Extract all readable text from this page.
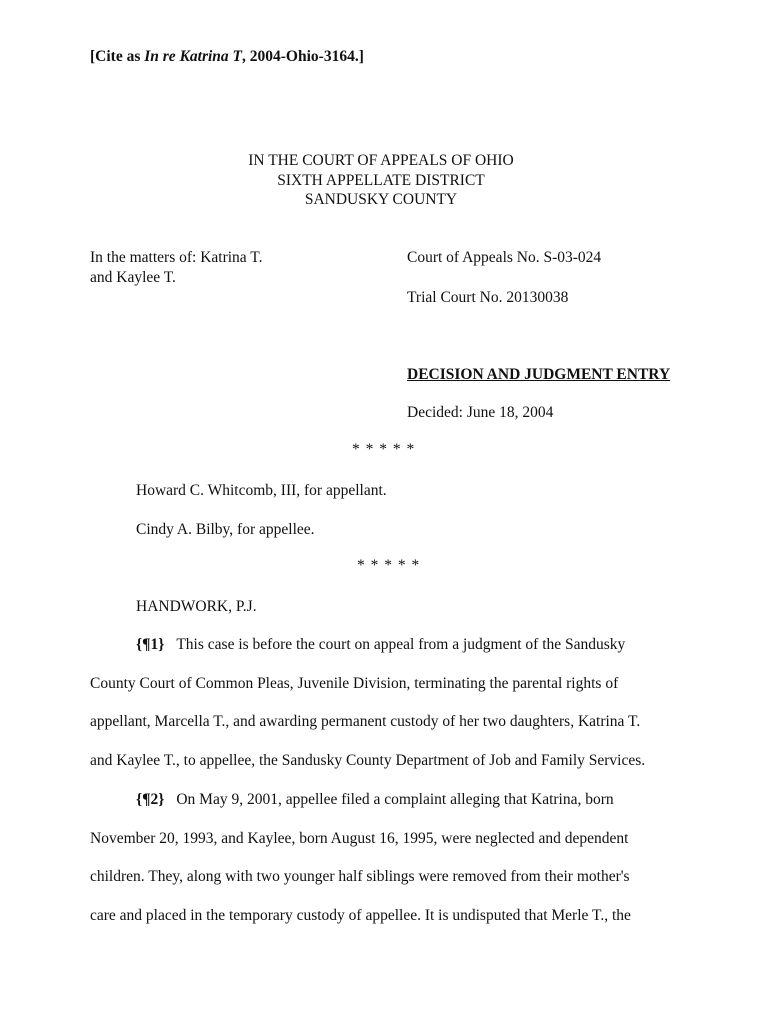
[Cite as In re Katrina T, 2004-Ohio-3164.]
IN THE COURT OF APPEALS OF OHIO
SIXTH APPELLATE DISTRICT
SANDUSKY COUNTY
In the matters of: Katrina T.
and Kaylee T.
Court of Appeals No. S-03-024
Trial Court No. 20130038
DECISION AND JUDGMENT ENTRY
Decided: June 18, 2004
* * * * *
Howard C. Whitcomb, III, for appellant.
Cindy A. Bilby, for appellee.
* * * * *
HANDWORK, P.J.
{¶1} This case is before the court on appeal from a judgment of the Sandusky
County Court of Common Pleas, Juvenile Division, terminating the parental rights of
appellant, Marcella T., and awarding permanent custody of her two daughters, Katrina T.
and Kaylee T., to appellee, the Sandusky County Department of Job and Family Services.
{¶2} On May 9, 2001, appellee filed a complaint alleging that Katrina, born
November 20, 1993, and Kaylee, born August 16, 1995, were neglected and dependent
children. They, along with two younger half siblings were removed from their mother's
care and placed in the temporary custody of appellee. It is undisputed that Merle T., the
